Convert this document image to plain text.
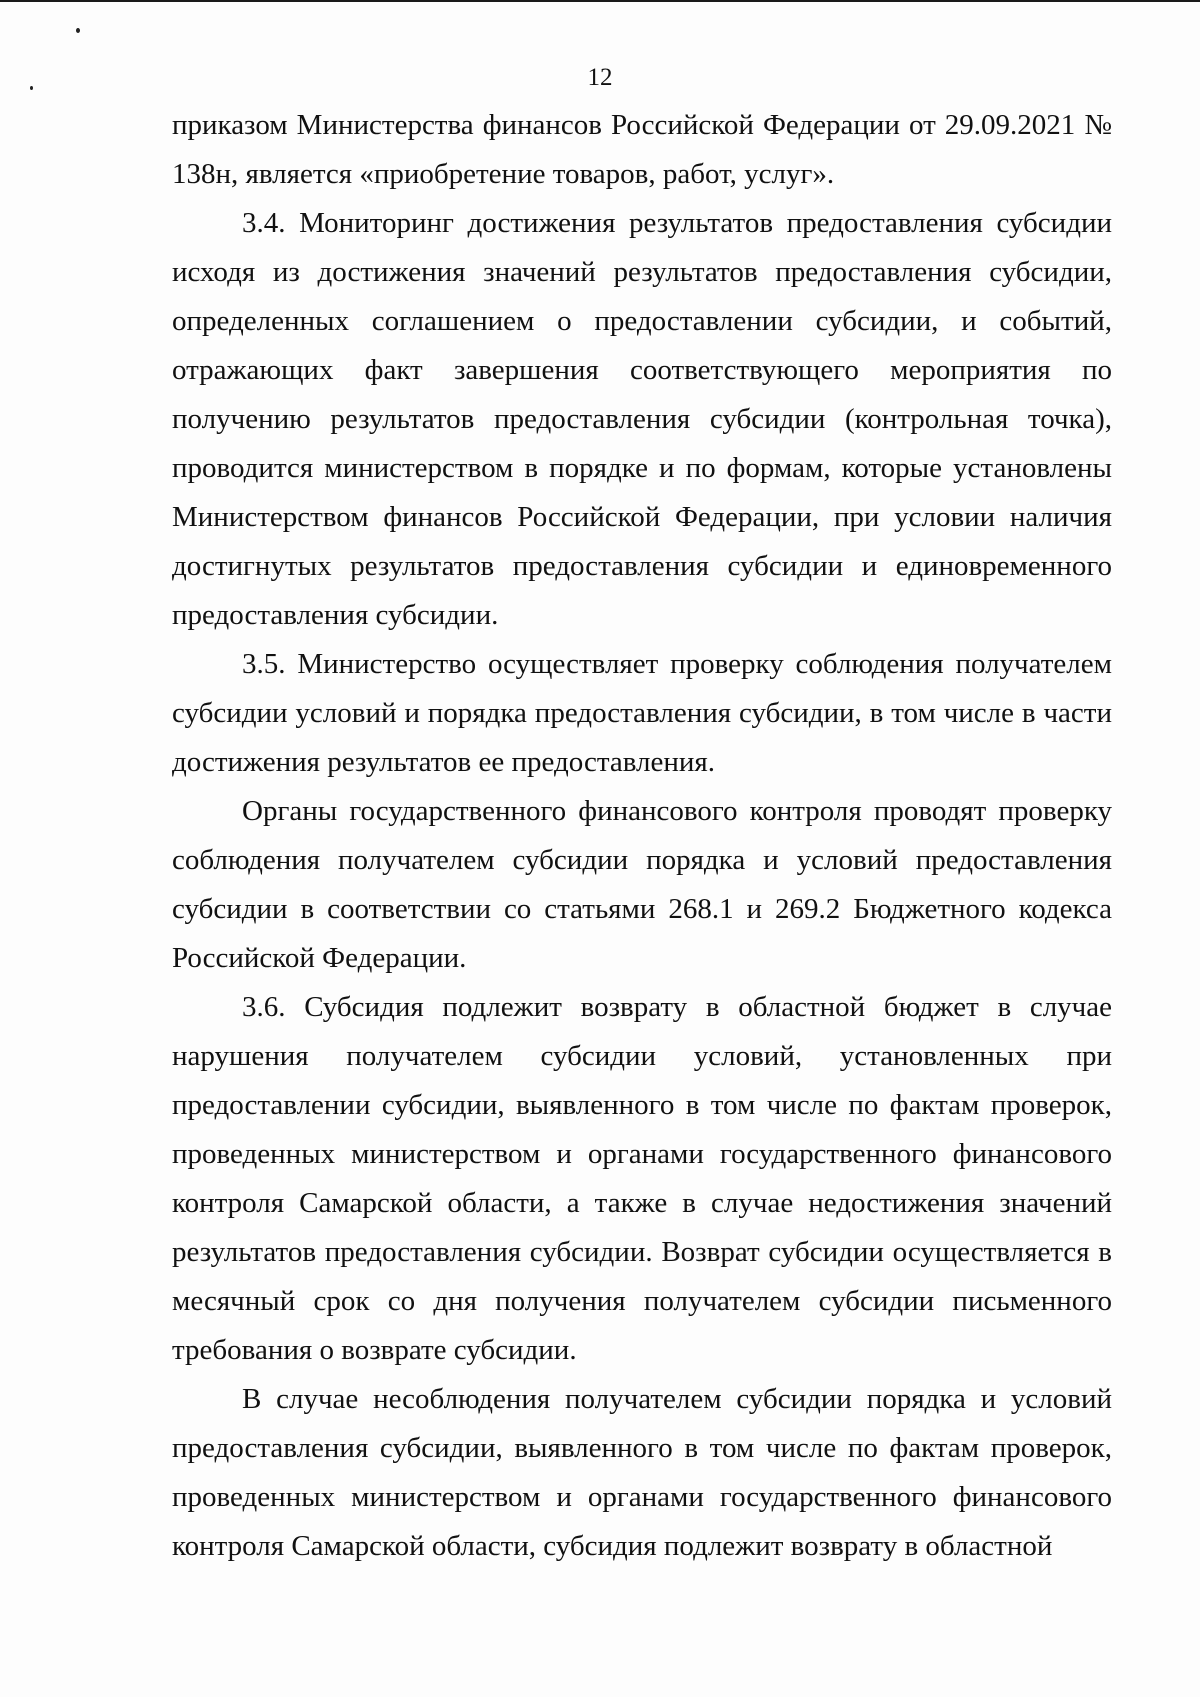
12

приказом Министерства финансов Российской Федерации от 29.09.2021 № 138н, является «приобретение товаров, работ, услуг».

3.4. Мониторинг достижения результатов предоставления субсидии исходя из достижения значений результатов предоставления субсидии, определенных соглашением о предоставлении субсидии, и событий, отражающих факт завершения соответствующего мероприятия по получению результатов предоставления субсидии (контрольная точка), проводится министерством в порядке и по формам, которые установлены Министерством финансов Российской Федерации, при условии наличия достигнутых результатов предоставления субсидии и единовременного предоставления субсидии.

3.5. Министерство осуществляет проверку соблюдения получателем субсидии условий и порядка предоставления субсидии, в том числе в части достижения результатов ее предоставления.

Органы государственного финансового контроля проводят проверку соблюдения получателем субсидии порядка и условий предоставления субсидии в соответствии со статьями 268.1 и 269.2 Бюджетного кодекса Российской Федерации.

3.6. Субсидия подлежит возврату в областной бюджет в случае нарушения получателем субсидии условий, установленных при предоставлении субсидии, выявленного в том числе по фактам проверок, проведенных министерством и органами государственного финансового контроля Самарской области, а также в случае недостижения значений результатов предоставления субсидии. Возврат субсидии осуществляется в месячный срок со дня получения получателем субсидии письменного требования о возврате субсидии.

В случае несоблюдения получателем субсидии порядка и условий предоставления субсидии, выявленного в том числе по фактам проверок, проведенных министерством и органами государственного финансового контроля Самарской области, субсидия подлежит возврату в областной
